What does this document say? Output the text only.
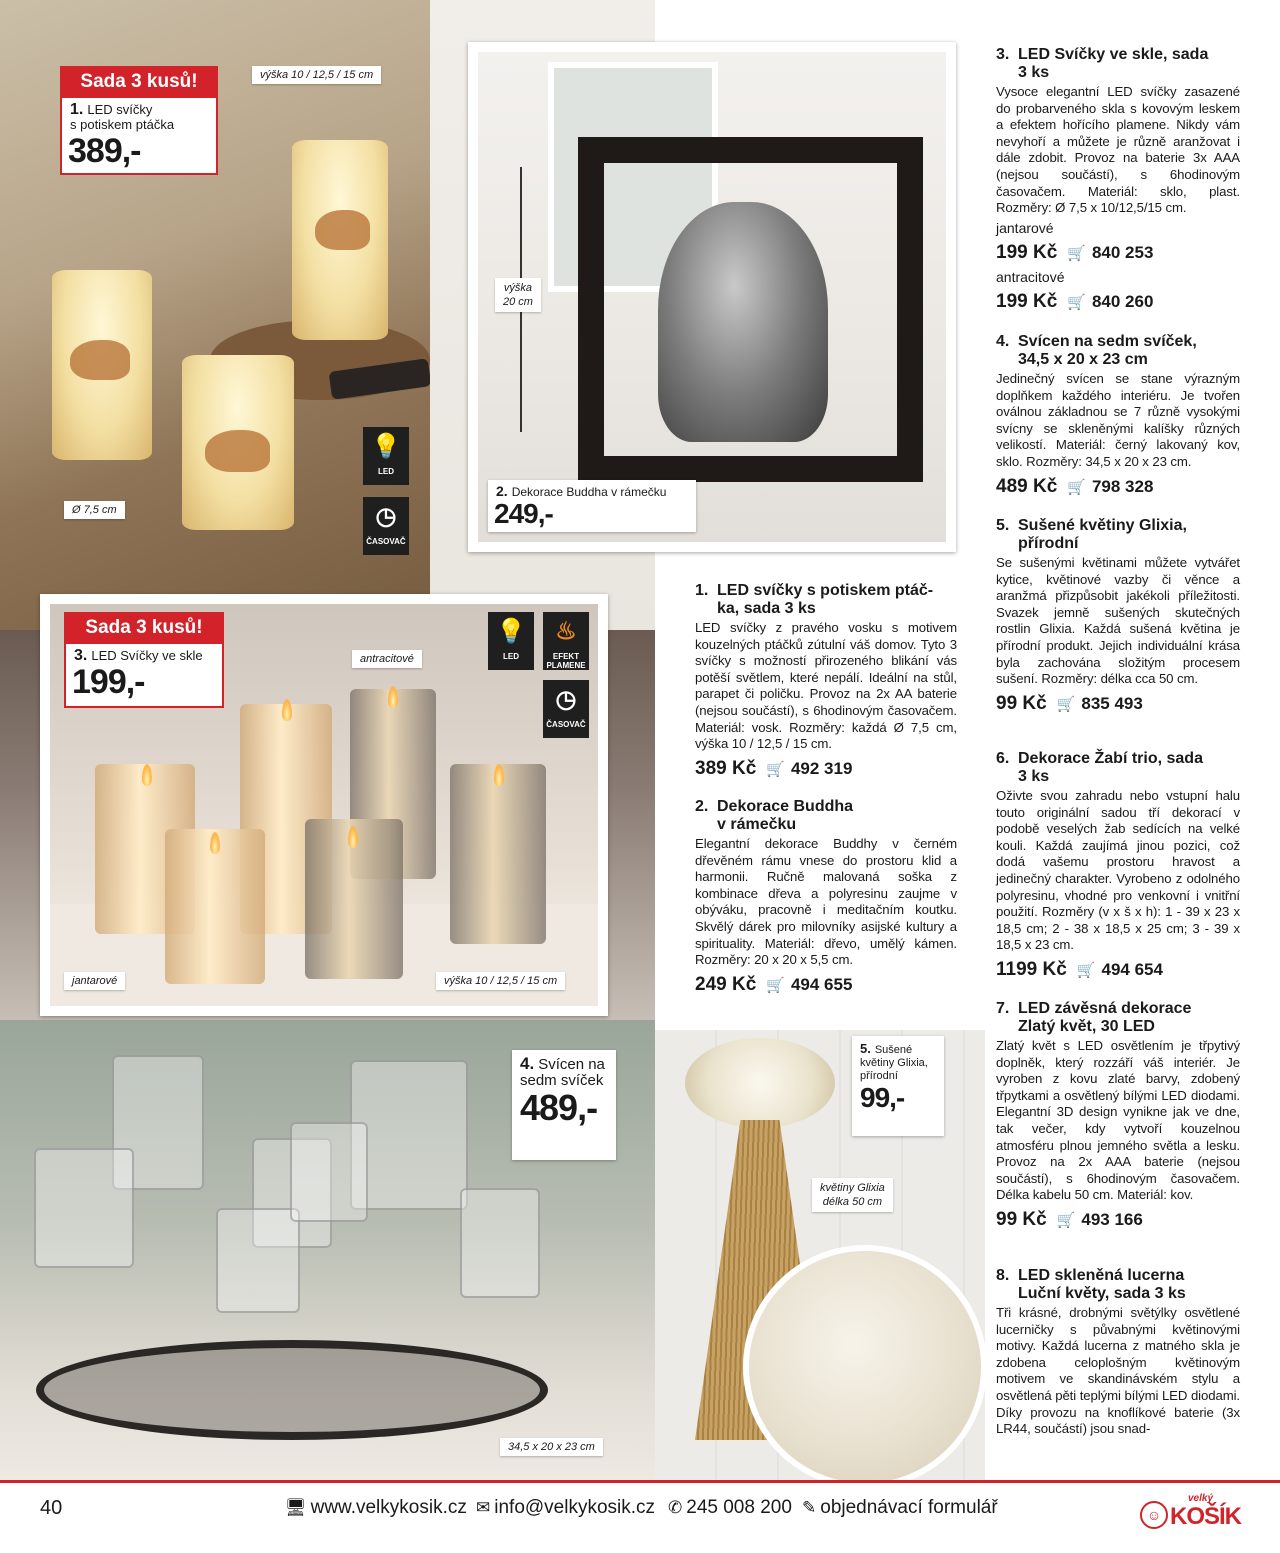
Sada 3 kusů!
1. LED svíčky
s potiskem ptáčka
389,-
výška 10 / 12,5 / 15 cm
Ø 7,5 cm
💡
LED
◷
ČASOVAČ
výška
20 cm
2. Dekorace Buddha v rámečku
249,-
Sada 3 kusů!
3. LED Svíčky ve skle
199,-
antracitové
jantarové	výška 10 / 12,5 / 15 cm
💡
LED
♨
EFEKT PLAMENE
◷
ČASOVAČ
4. Svícen na sedm svíček
489,-
34,5 x 20 x 23 cm
5. Sušené květiny Glixia, přírodní
99,-
květiny Glixia
délka 50 cm
1. LED svíčky s potiskem ptáč-
ka, sada 3 ks

LED svíčky z pravého vosku s motivem kouzelných ptáčků zútulní váš domov. Tyto 3 svíčky s možností přirozeného blikání vás potěší světlem, které nepálí. Ideální na stůl, parapet či poličku. Provoz na 2x AA baterie (nejsou součástí), s 6hodinovým časovačem. Materiál: vosk. Rozměry: každá Ø 7,5 cm, výška 10 / 12,5 / 15 cm.

389 Kč 🛒 492 319
2. Dekorace Buddha
v rámečku

Elegantní dekorace Buddhy v černém dřevěném rámu vnese do prostoru klid a harmonii. Ručně malovaná soška z kombinace dřeva a polyresinu zaujme v obýváku, pracovně i meditačním koutku. Skvělý dárek pro milovníky asijské kultury a spirituality. Materiál: dřevo, umělý kámen. Rozměry: 20 x 20 x 5,5 cm.

249 Kč 🛒 494 655
3. LED Svíčky ve skle, sada
3 ks

Vysoce elegantní LED svíčky zasazené do probarveného skla s kovovým leskem a efektem hořícího plamene. Nikdy vám nevyhoří a můžete je různě aranžovat i dále zdobit. Provoz na baterie 3x AAA (nejsou součástí), s 6hodinovým časovačem. Materiál: sklo, plast. Rozměry: Ø 7,5 x 10/12,5/15 cm.

jantarové
199 Kč 🛒 840 253
antracitové
199 Kč 🛒 840 260
4. Svícen na sedm svíček,
34,5 x 20 x 23 cm

Jedinečný svícen se stane výrazným doplňkem každého interiéru. Je tvořen oválnou základnou se 7 různě vysokými svícny se skleněnými kalíšky různých velikostí. Materiál: černý lakovaný kov, sklo. Rozměry: 34,5 x 20 x 23 cm.

489 Kč 🛒 798 328
5. Sušené květiny Glixia,
přírodní

Se sušenými květinami můžete vytvářet kytice, květinové vazby či věnce a aranžmá přizpůsobit jakékoli příležitosti. Svazek jemně sušených skutečných rostlin Glixia. Každá sušená květina je přírodní produkt. Jejich individuální krása byla zachována složitým procesem sušení. Rozměry: délka cca 50 cm.

99 Kč 🛒 835 493
6. Dekorace Žabí trio, sada
3 ks

Oživte svou zahradu nebo vstupní halu touto originální sadou tří dekorací v podobě veselých žab sedících na velké kouli. Každá zaujímá jinou pozici, což dodá vašemu prostoru hravost a jedinečný charakter. Vyrobeno z odolného polyresinu, vhodné pro venkovní i vnitřní použití. Rozměry (v x š x h): 1 - 39 x 23 x 18,5 cm; 2 - 38 x 18,5 x 25 cm; 3 - 39 x 18,5 x 23 cm.

1199 Kč 🛒 494 654
7. LED závěsná dekorace
Zlatý květ, 30 LED

Zlatý květ s LED osvětlením je třpytivý doplněk, který rozzáří váš interiér. Je vyroben z kovu zlaté barvy, zdobený třpytkami a osvětlený bílými LED diodami. Elegantní 3D design vynikne jak ve dne, tak večer, kdy vytvoří kouzelnou atmosféru plnou jemného světla a lesku. Provoz na 2x AAA baterie (nejsou součástí), s 6hodinovým časovačem. Délka kabelu 50 cm. Materiál: kov.

99 Kč 🛒 493 166
8. LED skleněná lucerna
Luční květy, sada 3 ks

Tři krásné, drobnými světýlky osvětlené lucerničky s půvabnými květinovými motivy. Každá lucerna z matného skla je zdobena celoplošným květinovým motivem ve skandinávském stylu a osvětlená pěti teplými bílými LED diodami. Díky provozu na knoflíkové baterie (3x LR44, součástí) jsou snad-

40	🖥 www.velkykosik.cz ✉ info@velkykosik.cz ✆ 245 008 200 ✎ objednávací formulář	☺
velký
KOŠÍK
